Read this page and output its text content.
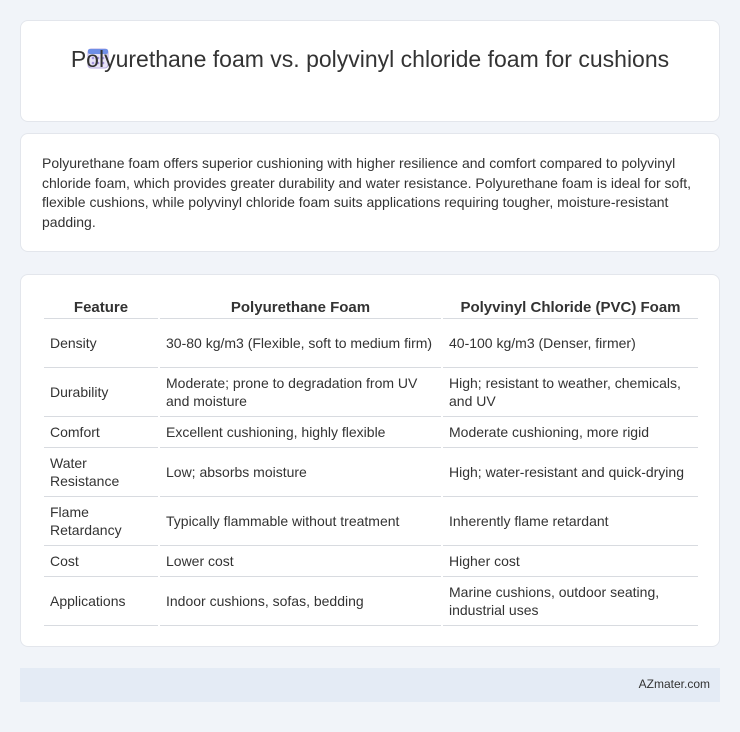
Polyurethane foam vs. polyvinyl chloride foam for cushions

Polyurethane foam offers superior cushioning with higher resilience and comfort compared to polyvinyl chloride foam, which provides greater durability and water resistance. Polyurethane foam is ideal for soft, flexible cushions, while polyvinyl chloride foam suits applications requiring tougher, moisture-resistant padding.

Feature	Polyurethane Foam	Polyvinyl Chloride (PVC) Foam
Density	30-80 kg/m3 (Flexible, soft to medium firm)	40-100 kg/m3 (Denser, firmer)
Durability	Moderate; prone to degradation from UV and moisture	High; resistant to weather, chemicals, and UV
Comfort	Excellent cushioning, highly flexible	Moderate cushioning, more rigid
Water Resistance	Low; absorbs moisture	High; water-resistant and quick-drying
Flame Retardancy	Typically flammable without treatment	Inherently flame retardant
Cost	Lower cost	Higher cost
Applications	Indoor cushions, sofas, bedding	Marine cushions, outdoor seating, industrial uses
AZmater.com
